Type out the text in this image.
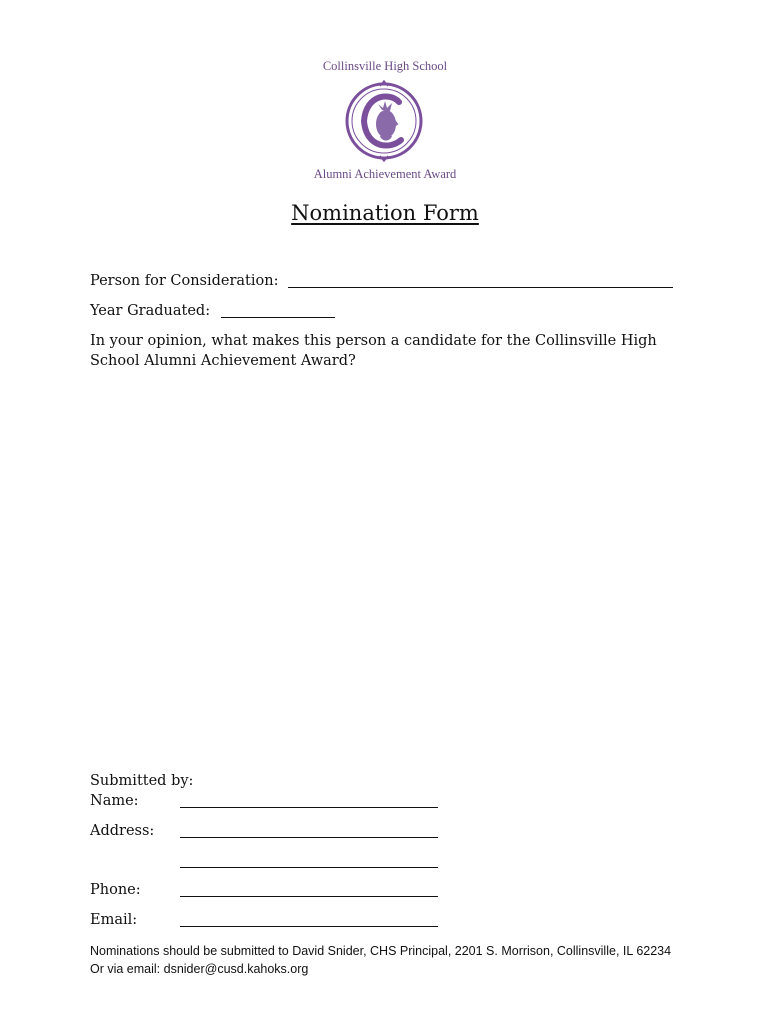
Collinsville High School
Alumni Achievement Award
Nomination Form
Person for Consideration:
Year Graduated:
In your opinion, what makes this person a candidate for the Collinsville High School Alumni Achievement Award?
Submitted by:
Name:
Address:
Phone:
Email:
Nominations should be submitted to David Snider, CHS Principal, 2201 S. Morrison, Collinsville, IL 62234
Or via email: dsnider@cusd.kahoks.org
